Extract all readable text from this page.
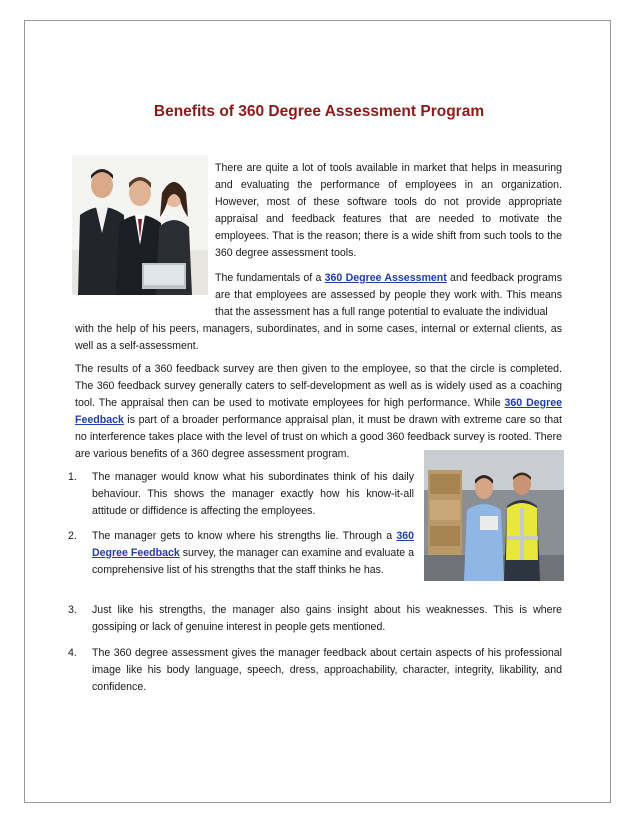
Benefits of 360 Degree Assessment Program
There are quite a lot of tools available in market that helps in measuring and evaluating the performance of employees in an organization. However, most of these software tools do not provide appropriate appraisal and feedback features that are needed to motivate the employees. That is the reason; there is a wide shift from such tools to the 360 degree assessment tools.
The fundamentals of a 360 Degree Assessment and feedback programs are that employees are assessed by people they work with. This means that the assessment has a full range potential to evaluate the individual
with the help of his peers, managers, subordinates, and in some cases, internal or external clients, as well as a self-assessment.
The results of a 360 feedback survey are then given to the employee, so that the circle is completed. The 360 feedback survey generally caters to self-development as well as is widely used as a coaching tool. The appraisal then can be used to motivate employees for high performance. While 360 Degree Feedback is part of a broader performance appraisal plan, it must be drawn with extreme care so that no interference takes place with the level of trust on which a good 360 feedback survey is rooted. There are various benefits of a 360 degree assessment program.
1. The manager would know what his subordinates think of his daily behaviour. This shows the manager exactly how his know-it-all attitude or diffidence is affecting the employees.
2. The manager gets to know where his strengths lie. Through a 360 Degree Feedback survey, the manager can examine and evaluate a comprehensive list of his strengths that the staff thinks he has.
3. Just like his strengths, the manager also gains insight about his weaknesses. This is where gossiping or lack of genuine interest in people gets mentioned.
4. The 360 degree assessment gives the manager feedback about certain aspects of his professional image like his body language, speech, dress, approachability, character, integrity, likability, and confidence.
